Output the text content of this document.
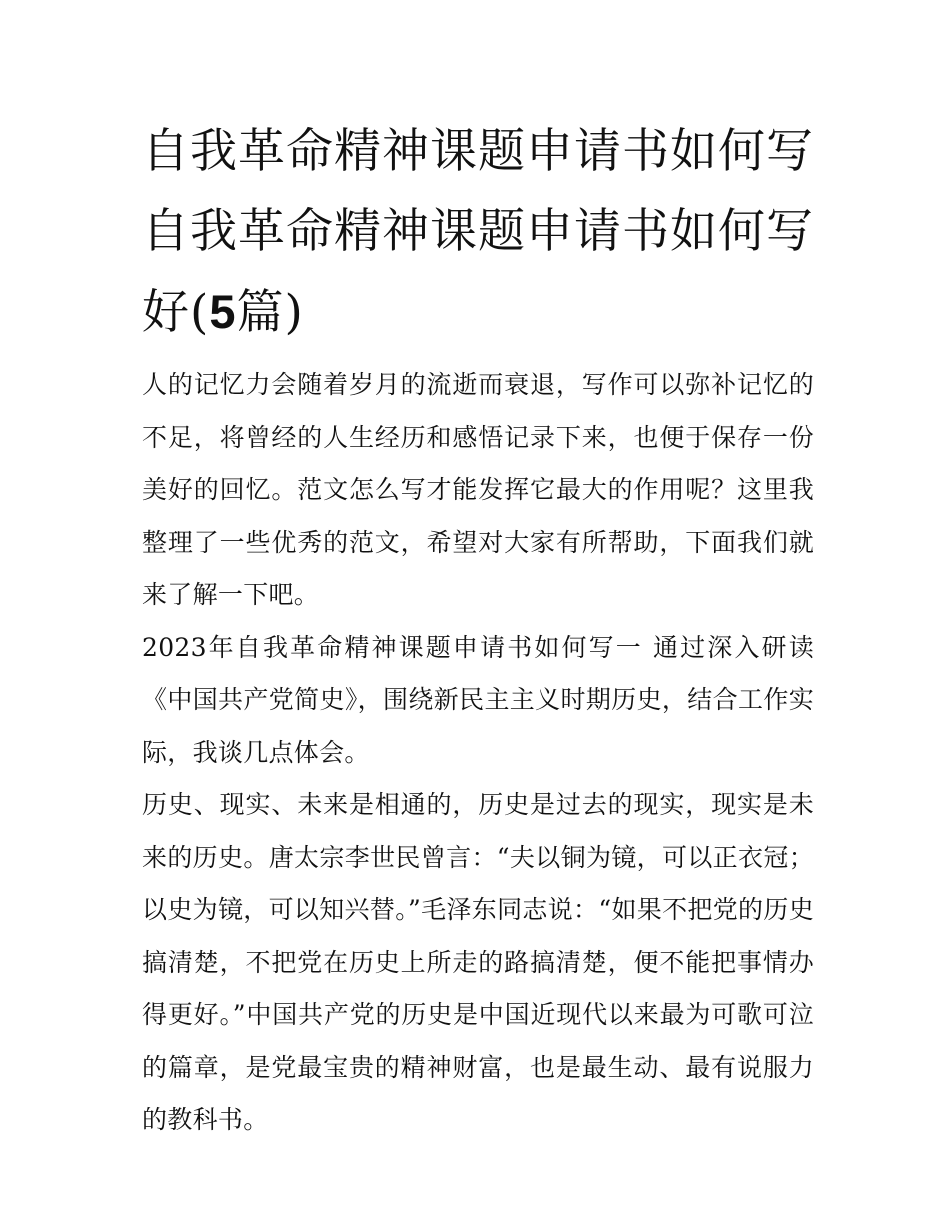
自我革命精神课题申请书如何写 自我革命精神课题申请书如何写好(5篇)

人的记忆力会随着岁月的流逝而衰退，写作可以弥补记忆的不足，将曾经的人生经历和感悟记录下来，也便于保存一份美好的回忆。范文怎么写才能发挥它最大的作用呢？这里我整理了一些优秀的范文，希望对大家有所帮助，下面我们就来了解一下吧。

2023年自我革命精神课题申请书如何写一 通过深入研读《中国共产党简史》，围绕新民主主义时期历史，结合工作实际，我谈几点体会。

历史、现实、未来是相通的，历史是过去的现实，现实是未来的历史。唐太宗李世民曾言：“夫以铜为镜，可以正衣冠；以史为镜，可以知兴替。”毛泽东同志说：“如果不把党的历史搞清楚，不把党在历史上所走的路搞清楚，便不能把事情办得更好。”中国共产党的历史是中国近现代以来最为可歌可泣的篇章，是党最宝贵的精神财富，也是最生动、最有说服力的教科书。
